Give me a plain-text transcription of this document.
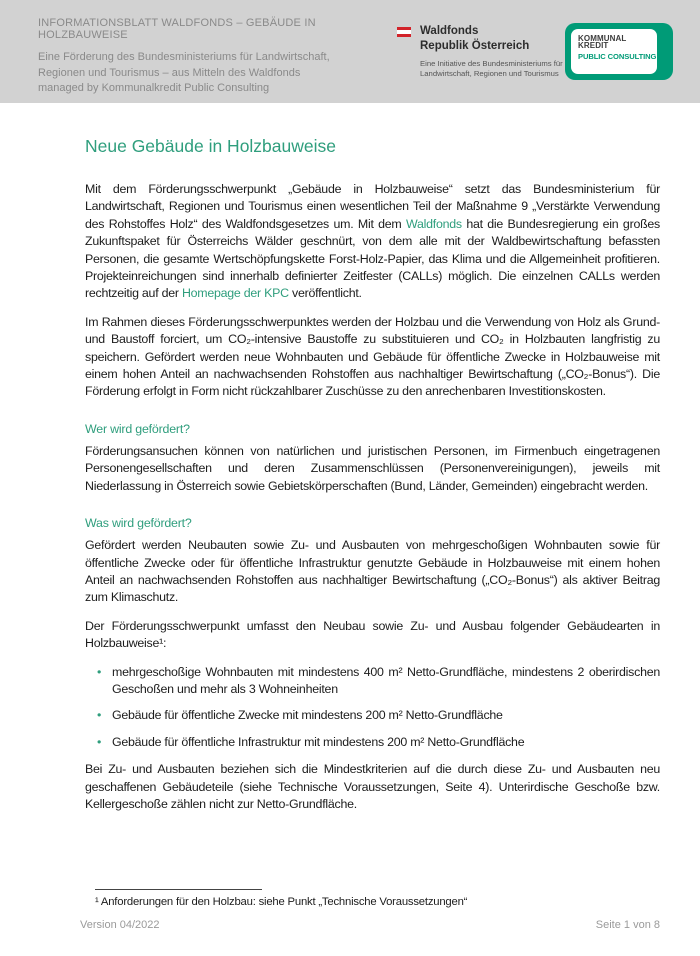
INFORMATIONSBLATT WALDFONDS – GEBÄUDE IN HOLZBAUWEISE
Eine Förderung des Bundesministeriums für Landwirtschaft, Regionen und Tourismus – aus Mitteln des Waldfonds managed by Kommunalkredit Public Consulting
Waldfonds
Republik Österreich
Eine Initiative des Bundesministeriums für Landwirtschaft, Regionen und Tourismus
KOMMUNAL
KREDIT
PUBLIC CONSULTING
Neue Gebäude in Holzbauweise

Mit dem Förderungsschwerpunkt „Gebäude in Holzbauweise“ setzt das Bundesministerium für Landwirtschaft, Regionen und Tourismus einen wesentlichen Teil der Maßnahme 9 „Verstärkte Verwendung des Rohstoffes Holz“ des Waldfondsgesetzes um. Mit dem Waldfonds hat die Bundesregierung ein großes Zukunftspaket für Österreichs Wälder geschnürt, von dem alle mit der Waldbewirtschaftung befassten Personen, die gesamte Wertschöpfungskette Forst-Holz-Papier, das Klima und die Allgemeinheit profitieren. Projekteinreichungen sind innerhalb definierter Zeitfester (CALLs) möglich. Die einzelnen CALLs werden rechtzeitig auf der Homepage der KPC veröffentlicht.

Im Rahmen dieses Förderungsschwerpunktes werden der Holzbau und die Verwendung von Holz als Grund- und Baustoff forciert, um CO₂-intensive Baustoffe zu substituieren und CO₂ in Holzbauten langfristig zu speichern. Gefördert werden neue Wohnbauten und Gebäude für öffentliche Zwecke in Holzbauweise mit einem hohen Anteil an nachwachsenden Rohstoffen aus nachhaltiger Bewirtschaftung („CO₂-Bonus“). Die Förderung erfolgt in Form nicht rückzahlbarer Zuschüsse zu den anrechenbaren Investitionskosten.

Wer wird gefördert?

Förderungsansuchen können von natürlichen und juristischen Personen, im Firmenbuch eingetragenen Personengesellschaften und deren Zusammenschlüssen (Personenvereinigungen), jeweils mit Niederlassung in Österreich sowie Gebietskörperschaften (Bund, Länder, Gemeinden) eingebracht werden.

Was wird gefördert?

Gefördert werden Neubauten sowie Zu- und Ausbauten von mehrgeschoßigen Wohnbauten sowie für öffentliche Zwecke oder für öffentliche Infrastruktur genutzte Gebäude in Holzbauweise mit einem hohen Anteil an nachwachsenden Rohstoffen aus nachhaltiger Bewirtschaftung („CO₂-Bonus“) als aktiver Beitrag zum Klimaschutz.

Der Förderungsschwerpunkt umfasst den Neubau sowie Zu- und Ausbau folgender Gebäudearten in Holzbauweise¹:

• mehrgeschoßige Wohnbauten mit mindestens 400 m² Netto-Grundfläche, mindestens 2 oberirdischen Geschoßen und mehr als 3 Wohneinheiten
• Gebäude für öffentliche Zwecke mit mindestens 200 m² Netto-Grundfläche
• Gebäude für öffentliche Infrastruktur mit mindestens 200 m² Netto-Grundfläche

Bei Zu- und Ausbauten beziehen sich die Mindestkriterien auf die durch diese Zu- und Ausbauten neu geschaffenen Gebäudeteile (siehe Technische Voraussetzungen, Seite 4). Unterirdische Geschoße bzw. Kellergeschoße zählen nicht zur Netto-Grundfläche.

¹ Anforderungen für den Holzbau: siehe Punkt „Technische Voraussetzungen“
Version 04/2022	Seite 1 von 8
